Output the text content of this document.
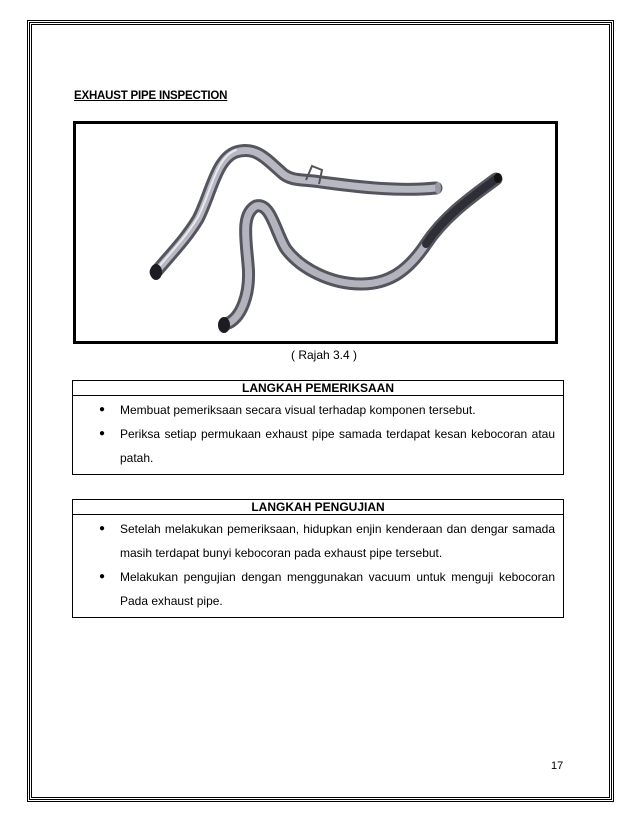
EXHAUST PIPE INSPECTION
( Rajah 3.4 )
LANGKAH PEMERIKSAAN
● Membuat pemeriksaan secara visual terhadap komponen tersebut.
● Periksa setiap permukaan exhaust pipe samada terdapat kesan kebocoran atau patah.
LANGKAH PENGUJIAN
● Setelah melakukan pemeriksaan, hidupkan enjin kenderaan dan dengar samada masih terdapat bunyi kebocoran pada exhaust pipe tersebut.
● Melakukan pengujian dengan menggunakan vacuum untuk menguji kebocoran Pada exhaust pipe.
17
